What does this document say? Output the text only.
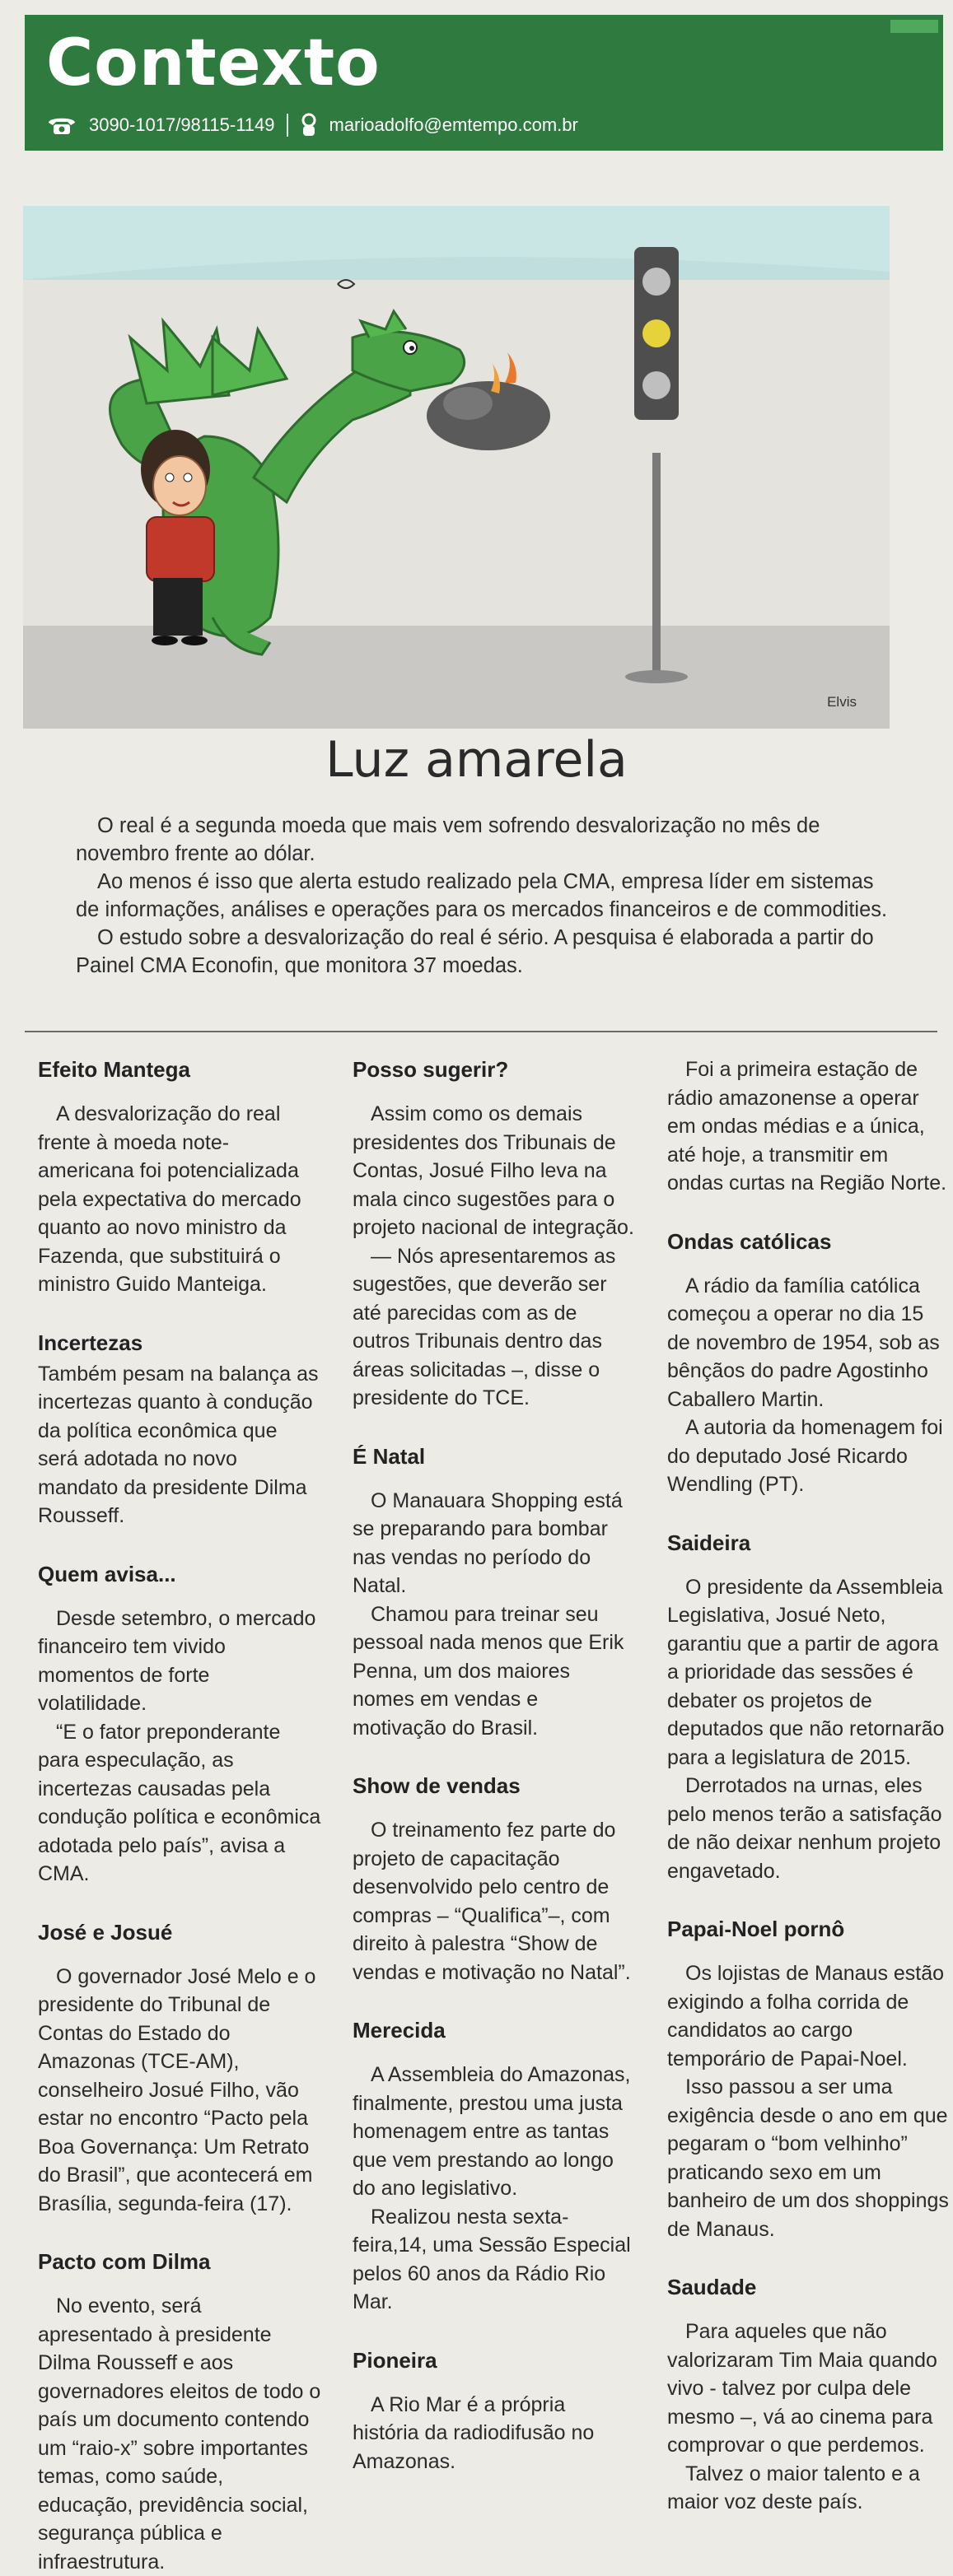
Contexto
3090-1017/98115-1149	marioadolfo@emtempo.com.br
Elvis
Luz amarela

O real é a segunda moeda que mais vem sofrendo desvalorização no mês de novembro frente ao dólar.

Ao menos é isso que alerta estudo realizado pela CMA, empresa líder em sistemas de informações, análises e operações para os mercados financeiros e de commodities.

O estudo sobre a desvalorização do real é sério. A pesquisa é elaborada a partir do Painel CMA Econofin, que monitora 37 moedas.

Efeito Mantega

A desvalorização do real frente à moeda note-americana foi potencializada pela expectativa do mercado quanto ao novo ministro da Fazenda, que substituirá o ministro Guido Manteiga.

Incertezas

Também pesam na balança as incertezas quanto à condução da política econômica que será adotada no novo mandato da presidente Dilma Rousseff.

Quem avisa...

Desde setembro, o mercado financeiro tem vivido momentos de forte volatilidade.

“E o fator preponderante para especulação, as incertezas causadas pela condução política e econômica adotada pelo país”, avisa a CMA.

José e Josué

O governador José Melo e o presidente do Tribunal de Contas do Estado do Amazonas (TCE-AM), conselheiro Josué Filho, vão estar no encontro “Pacto pela Boa Governança: Um Retrato do Brasil”, que acontecerá em Brasília, segunda-feira (17).

Pacto com Dilma

No evento, será apresentado à presidente Dilma Rousseff e aos governadores eleitos de todo o país um documento contendo um “raio-x” sobre importantes temas, como saúde, educação, previdência social, segurança pública e infraestrutura.

Posso sugerir?

Assim como os demais presidentes dos Tribunais de Contas, Josué Filho leva na mala cinco sugestões para o projeto nacional de integração.

— Nós apresentaremos as sugestões, que deverão ser até parecidas com as de outros Tribunais dentro das áreas solicitadas –, disse o presidente do TCE.

É Natal

O Manauara Shopping está se preparando para bombar nas vendas no período do Natal.

Chamou para treinar seu pessoal nada menos que Erik Penna, um dos maiores nomes em vendas e motivação do Brasil.

Show de vendas

O treinamento fez parte do projeto de capacitação desenvolvido pelo centro de compras – “Qualifica”–, com direito à palestra “Show de vendas e motivação no Natal”.

Merecida

A Assembleia do Amazonas, finalmente, prestou uma justa homenagem entre as tantas que vem prestando ao longo do ano legislativo.

Realizou nesta sexta-feira,14, uma Sessão Especial pelos 60 anos da Rádio Rio Mar.

Pioneira

A Rio Mar é a própria história da radiodifusão no Amazonas.

Foi a primeira estação de rádio amazonense a operar em ondas médias e a única, até hoje, a transmitir em ondas curtas na Região Norte.

Ondas católicas

A rádio da família católica começou a operar no dia 15 de novembro de 1954, sob as bênçãos do padre Agostinho Caballero Martin.

A autoria da homenagem foi do deputado José Ricardo Wendling (PT).

Saideira

O presidente da Assembleia Legislativa, Josué Neto, garantiu que a partir de agora a prioridade das sessões é debater os projetos de deputados que não retornarão para a legislatura de 2015.

Derrotados na urnas, eles pelo menos terão a satisfação de não deixar nenhum projeto engavetado.

Papai-Noel pornô

Os lojistas de Manaus estão exigindo a folha corrida de candidatos ao cargo temporário de Papai-Noel.

Isso passou a ser uma exigência desde o ano em que pegaram o “bom velhinho” praticando sexo em um banheiro de um dos shoppings de Manaus.

Saudade

Para aqueles que não valorizaram Tim Maia quando vivo - talvez por culpa dele mesmo –, vá ao cinema para comprovar o que perdemos.

Talvez o maior talento e a maior voz deste país.
